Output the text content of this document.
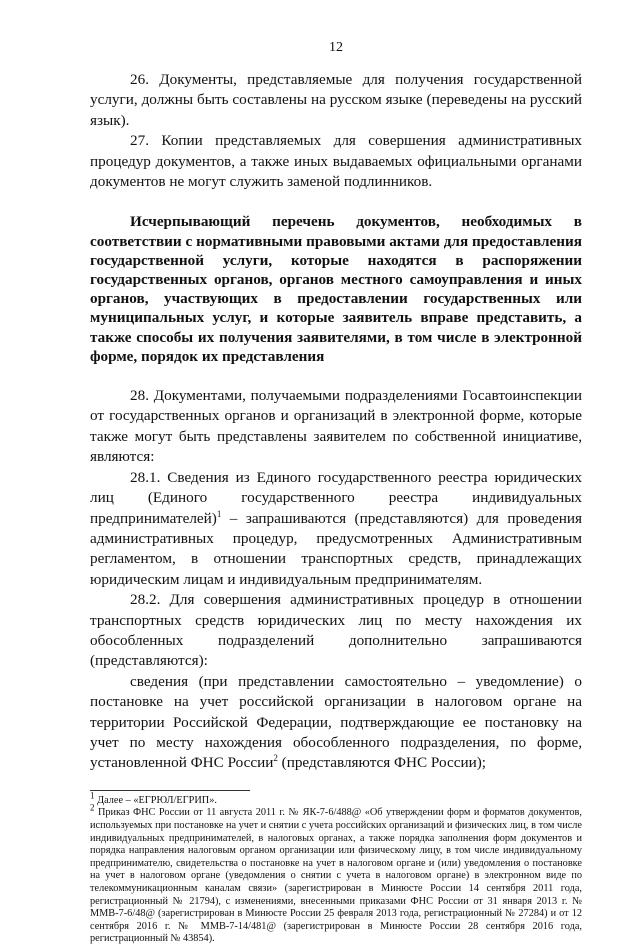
12

26. Документы, представляемые для получения государственной услуги, должны быть составлены на русском языке (переведены на русский язык).

27. Копии представляемых для совершения административных процедур документов, а также иных выдаваемых официальными органами документов не могут служить заменой подлинников.

Исчерпывающий перечень документов, необходимых в соответствии с нормативными правовыми актами для предоставления государственной услуги, которые находятся в распоряжении государственных органов, органов местного самоуправления и иных органов, участвующих в предоставлении государственных или муниципальных услуг, и которые заявитель вправе представить, а также способы их получения заявителями, в том числе в электронной форме, порядок их представления

28. Документами, получаемыми подразделениями Госавтоинспекции от государственных органов и организаций в электронной форме, которые также могут быть представлены заявителем по собственной инициативе, являются:

28.1. Сведения из Единого государственного реестра юридических лиц (Единого государственного реестра индивидуальных предпринимателей)$^1$ – запрашиваются (представляются) для проведения административных процедур, предусмотренных Административным регламентом, в отношении транспортных средств, принадлежащих юридическим лицам и индивидуальным предпринимателям.

28.2. Для совершения административных процедур в отношении транспортных средств юридических лиц по месту нахождения их обособленных подразделений дополнительно запрашиваются (представляются):

сведения (при представлении самостоятельно – уведомление) о постановке на учет российской организации в налоговом органе на территории Российской Федерации, подтверждающие ее постановку на учет по месту нахождения обособленного подразделения, по форме, установленной ФНС России$^2$ (представляются ФНС России);

$^1$ Далее – «ЕГРЮЛ/ЕГРИП».

$^2$ Приказ ФНС России от 11 августа 2011 г. № ЯК-7-6/488@ «Об утверждении форм и форматов документов, используемых при постановке на учет и снятии с учета российских организаций и физических лиц, в том числе индивидуальных предпринимателей, в налоговых органах, а также порядка заполнения форм документов и порядка направления налоговым органом организации или физическому лицу, в том числе индивидуальному предпринимателю, свидетельства о постановке на учет в налоговом органе и (или) уведомления о постановке на учет в налоговом органе (уведомления о снятии с учета в налоговом органе) в электронном виде по телекоммуникационным каналам связи» (зарегистрирован в Минюсте России 14 сентября 2011 года, регистрационный № 21794), с изменениями, внесенными приказами ФНС России от 31 января 2013 г. № ММВ-7-6/48@ (зарегистрирован в Минюсте России 25 февраля 2013 года, регистрационный № 27284) и от 12 сентября 2016 г. № ММВ-7-14/481@ (зарегистрирован в Минюсте России 28 сентября 2016 года, регистрационный № 43854).
